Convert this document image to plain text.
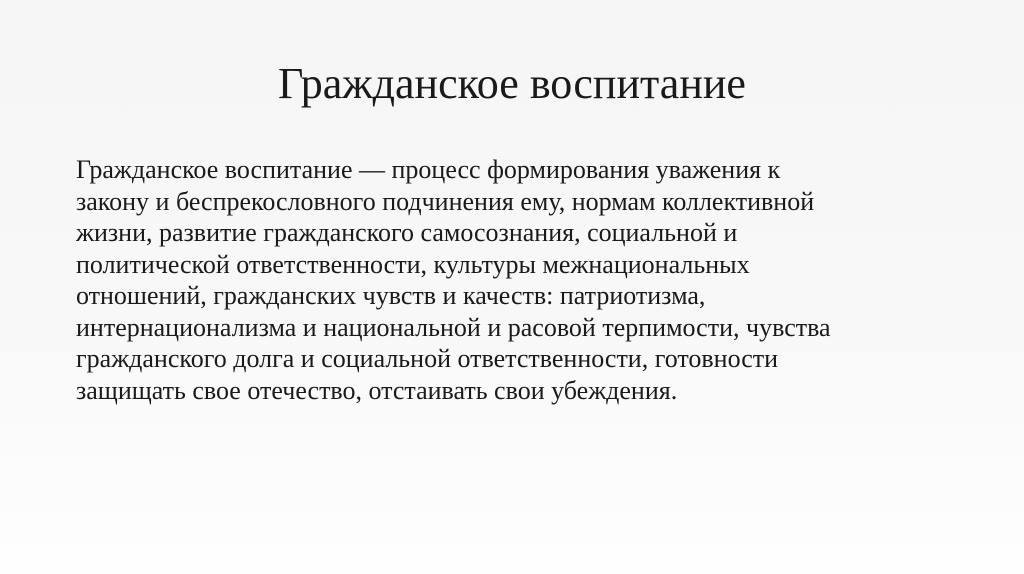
Гражданское воспитание
Гражданское воспитание — процесс формирования уважения к
закону и беспрекословного подчинения ему, нормам коллективной
жизни, развитие гражданского самосознания, социальной и
политической ответственности, культуры межнациональных
отношений, гражданских чувств и качеств: патриотизма,
интернационализма и национальной и расовой терпимости, чувства
гражданского долга и социальной ответственности, готовности
защищать свое отечество, отстаивать свои убеждения.
